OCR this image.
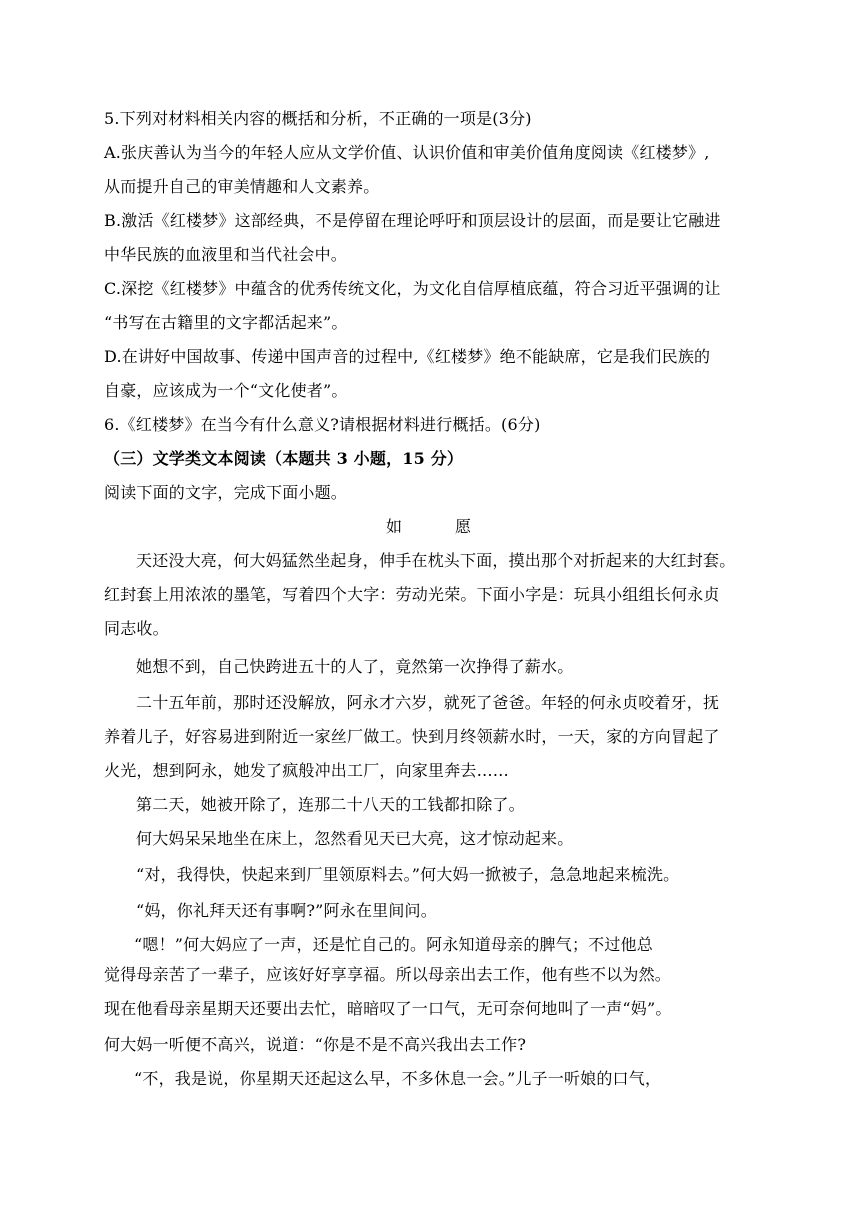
5.下列对材料相关内容的概括和分析，不正确的一项是(3分)
A.张庆善认为当今的年轻人应从文学价值、认识价值和审美价值角度阅读《红楼梦》,
从而提升自己的审美情趣和人文素养。
B.激活《红楼梦》这部经典，不是停留在理论呼吁和顶层设计的层面，而是要让它融进
中华民族的血液里和当代社会中。
C.深挖《红楼梦》中蕴含的优秀传统文化，为文化自信厚植底蕴，符合习近平强调的让
“书写在古籍里的文字都活起来”。
D.在讲好中国故事、传递中国声音的过程中,《红楼梦》绝不能缺席，它是我们民族的
自豪，应该成为一个“文化使者”。
6.《红楼梦》在当今有什么意义?请根据材料进行概括。(6分)
（三）文学类文本阅读（本题共 3 小题，15 分）
阅读下面的文字，完成下面小题。
如	愿
天还没大亮，何大妈猛然坐起身，伸手在枕头下面，摸出那个对折起来的大红封套。
红封套上用浓浓的墨笔，写着四个大字：劳动光荣。下面小字是：玩具小组组长何永贞
同志收。
她想不到，自己快跨进五十的人了，竟然第一次挣得了薪水。
二十五年前，那时还没解放，阿永才六岁，就死了爸爸。年轻的何永贞咬着牙，抚
养着儿子，好容易进到附近一家丝厂做工。快到月终领薪水时，一天，家的方向冒起了
火光，想到阿永，她发了疯般冲出工厂，向家里奔去……
第二天，她被开除了，连那二十八天的工钱都扣除了。
何大妈呆呆地坐在床上，忽然看见天已大亮，这才惊动起来。
“对，我得快，快起来到厂里领原料去。”何大妈一掀被子，急急地起来梳洗。
“妈，你礼拜天还有事啊?”阿永在里间问。
“嗯！”何大妈应了一声，还是忙自己的。阿永知道母亲的脾气；不过他总
觉得母亲苦了一辈子，应该好好享享福。所以母亲出去工作，他有些不以为然。
现在他看母亲星期天还要出去忙，暗暗叹了一口气，无可奈何地叫了一声“妈”。
何大妈一听便不高兴，说道：“你是不是不高兴我出去工作?
“不，我是说，你星期天还起这么早，不多休息一会。”儿子一听娘的口气，
